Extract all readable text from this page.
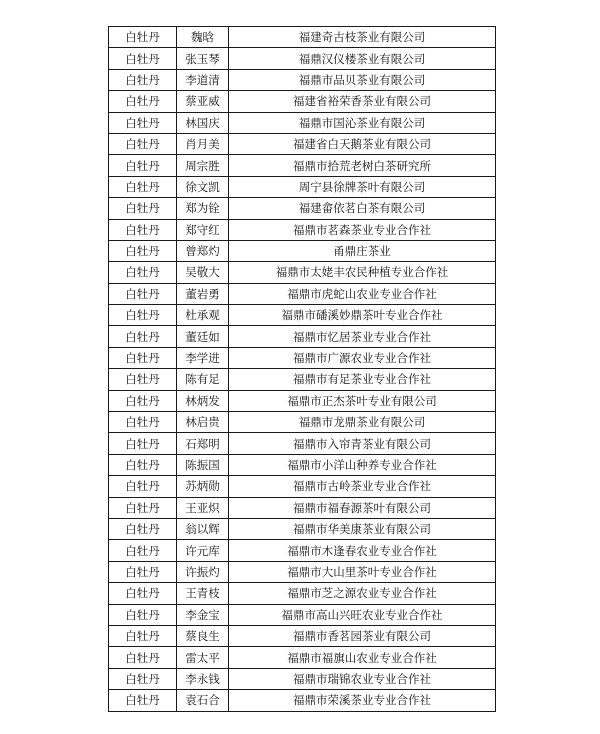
白牡丹	魏晗	福建奇古枝茶业有限公司
白牡丹	张玉琴	福鼎汉仪楼茶业有限公司
白牡丹	李道清	福鼎市品贝茶业有限公司
白牡丹	蔡亚威	福建省裕荣香茶业有限公司
白牡丹	林国庆	福鼎市国沁茶业有限公司
白牡丹	肖月美	福建省白天鹅茶业有限公司
白牡丹	周宗胜	福鼎市拾荒老树白茶研究所
白牡丹	徐文凯	周宁县徐牌茶叶有限公司
白牡丹	郑为铨	福建畲依茗白茶有限公司
白牡丹	郑守红	福鼎市茗森茶业专业合作社
白牡丹	曾郑灼	甬鼎庄茶业
白牡丹	吴敬大	福鼎市太姥丰农民种植专业合作社
白牡丹	董岩勇	福鼎市虎蛇山农业专业合作社
白牡丹	杜承观	福鼎市磻溪妙鼎茶叶专业合作社
白牡丹	董廷如	福鼎市忆居茶业专业合作社
白牡丹	李学进	福鼎市广源农业专业合作社
白牡丹	陈有足	福鼎市有足茶业专业合作社
白牡丹	林炳发	福鼎市正杰茶叶专业有限公司
白牡丹	林启贵	福鼎市龙鼎茶业有限公司
白牡丹	石郑明	福鼎市入帘青茶业有限公司
白牡丹	陈振国	福鼎市小洋山种养专业合作社
白牡丹	苏炳勋	福鼎市古岭茶业专业合作社
白牡丹	王亚炽	福鼎市福春源茶叶有限公司
白牡丹	翁以辉	福鼎市华美康茶业有限公司
白牡丹	许元库	福鼎市木逢春农业专业合作社
白牡丹	许振灼	福鼎市大山里茶叶专业合作社
白牡丹	王青枝	福鼎市芝之源农业专业合作社
白牡丹	李金宝	福鼎市高山兴旺农业专业合作社
白牡丹	蔡良生	福鼎市香茗园茶业有限公司
白牡丹	雷太平	福鼎市福旗山农业专业合作社
白牡丹	李永钱	福鼎市瑞锦农业专业合作社
白牡丹	袁石合	福鼎市荣溪茶业专业合作社
